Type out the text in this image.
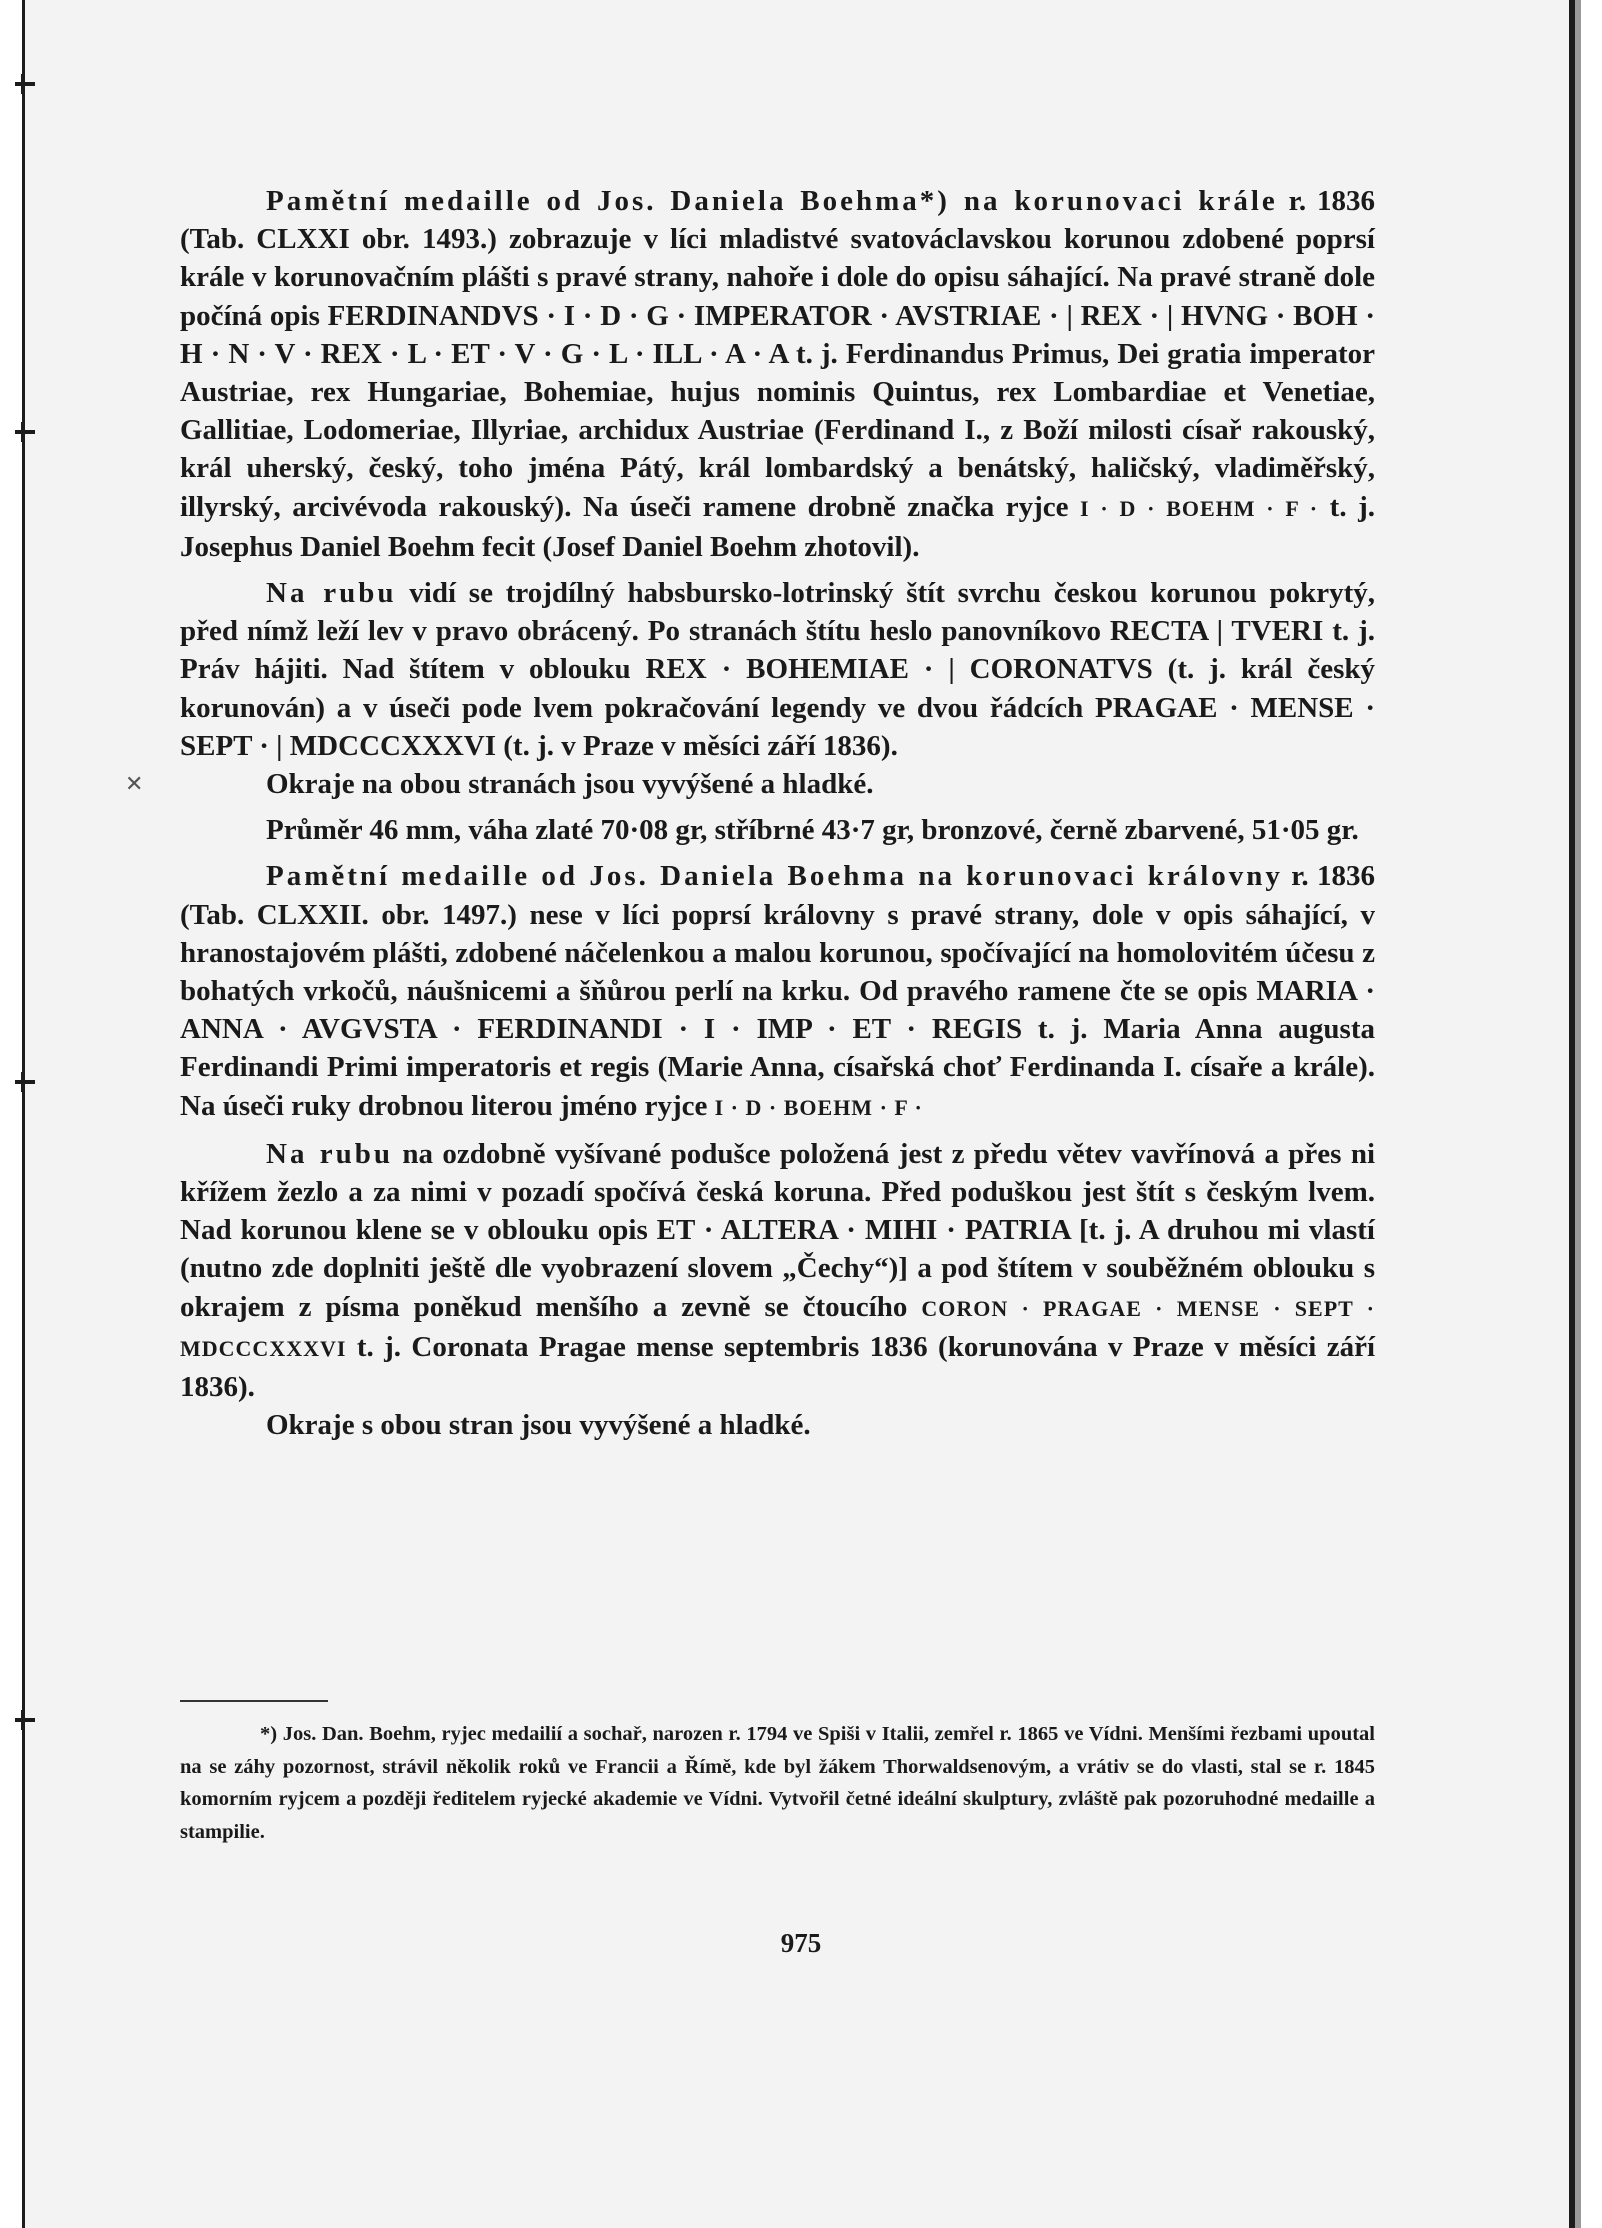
✕

Pamětní medaille od Jos. Daniela Boehma*) na korunovaci krále r. 1836 (Tab. CLXXI obr. 1493.) zobrazuje v líci mladistvé svatováclavskou korunou zdobené poprsí krále v korunovačním plášti s pravé strany, nahoře i dole do opisu sáhající. Na pravé straně dole počíná opis FERDINANDVS · I · D · G · IMPERATOR · AVSTRIAE · | REX · | HVNG · BOH · H · N · V · REX · L · ET · V · G · L · ILL · A · A t. j. Ferdinandus Primus, Dei gratia imperator Austriae, rex Hungariae, Bohemiae, hujus nominis Quintus, rex Lombardiae et Venetiae, Gallitiae, Lodomeriae, Illyriae, archidux Austriae (Ferdinand I., z Boží milosti císař rakouský, král uherský, český, toho jména Pátý, král lombardský a benátský, haličský, vladiměřský, illyrský, arcivévoda rakouský). Na úseči ramene drobně značka ryjce I · D · BOEHM · F · t. j. Josephus Daniel Boehm fecit (Josef Daniel Boehm zhotovil).

Na rubu vidí se trojdílný habsbursko-lotrinský štít svrchu českou korunou pokrytý, před nímž leží lev v pravo obrácený. Po stranách štítu heslo panovníkovo RECTA | TVERI t. j. Práv hájiti. Nad štítem v oblouku REX · BOHEMIAE · | CORONATVS (t. j. král český korunován) a v úseči pode lvem pokračování legendy ve dvou řádcích PRAGAE · MENSE · SEPT · | MDCCCXXXVI (t. j. v Praze v měsíci září 1836).

Okraje na obou stranách jsou vyvýšené a hladké.

Průměr 46 mm, váha zlaté 70·08 gr, stříbrné 43·7 gr, bronzové, černě zbarvené, 51·05 gr.

Pamětní medaille od Jos. Daniela Boehma na korunovaci královny r. 1836 (Tab. CLXXII. obr. 1497.) nese v líci poprsí královny s pravé strany, dole v opis sáhající, v hranostajovém plášti, zdobené náčelenkou a malou korunou, spočívající na homolovitém účesu z bohatých vrkočů, náušnicemi a šňůrou perlí na krku. Od pravého ramene čte se opis MARIA · ANNA · AVGVSTA · FERDINANDI · I · IMP · ET · REGIS t. j. Maria Anna augusta Ferdinandi Primi imperatoris et regis (Marie Anna, císařská choť Ferdinanda I. císaře a krále). Na úseči ruky drobnou literou jméno ryjce I · D · BOEHM · F ·

Na rubu na ozdobně vyšívané podušce položená jest z předu větev vavřínová a přes ni křížem žezlo a za nimi v pozadí spočívá česká koruna. Před poduškou jest štít s českým lvem. Nad korunou klene se v oblouku opis ET · ALTERA · MIHI · PATRIA [t. j. A druhou mi vlastí (nutno zde doplniti ještě dle vyobrazení slovem „Čechy“)] a pod štítem v souběžném oblouku s okrajem z písma poněkud menšího a zevně se čtoucího CORON · PRAGAE · MENSE · SEPT · MDCCCXXXVI t. j. Coronata Pragae mense septembris 1836 (korunována v Praze v měsíci září 1836).

Okraje s obou stran jsou vyvýšené a hladké.

*) Jos. Dan. Boehm, ryjec medailií a sochař, narozen r. 1794 ve Spiši v Italii, zemřel r. 1865 ve Vídni. Menšími řezbami upoutal na se záhy pozornost, strávil několik roků ve Francii a Římě, kde byl žákem Thorwaldsenovým, a vrátiv se do vlasti, stal se r. 1845 komorním ryjcem a později ředitelem ryjecké akademie ve Vídni. Vytvořil četné ideální skulptury, zvláště pak pozoruhodné medaille a stampilie.

975
